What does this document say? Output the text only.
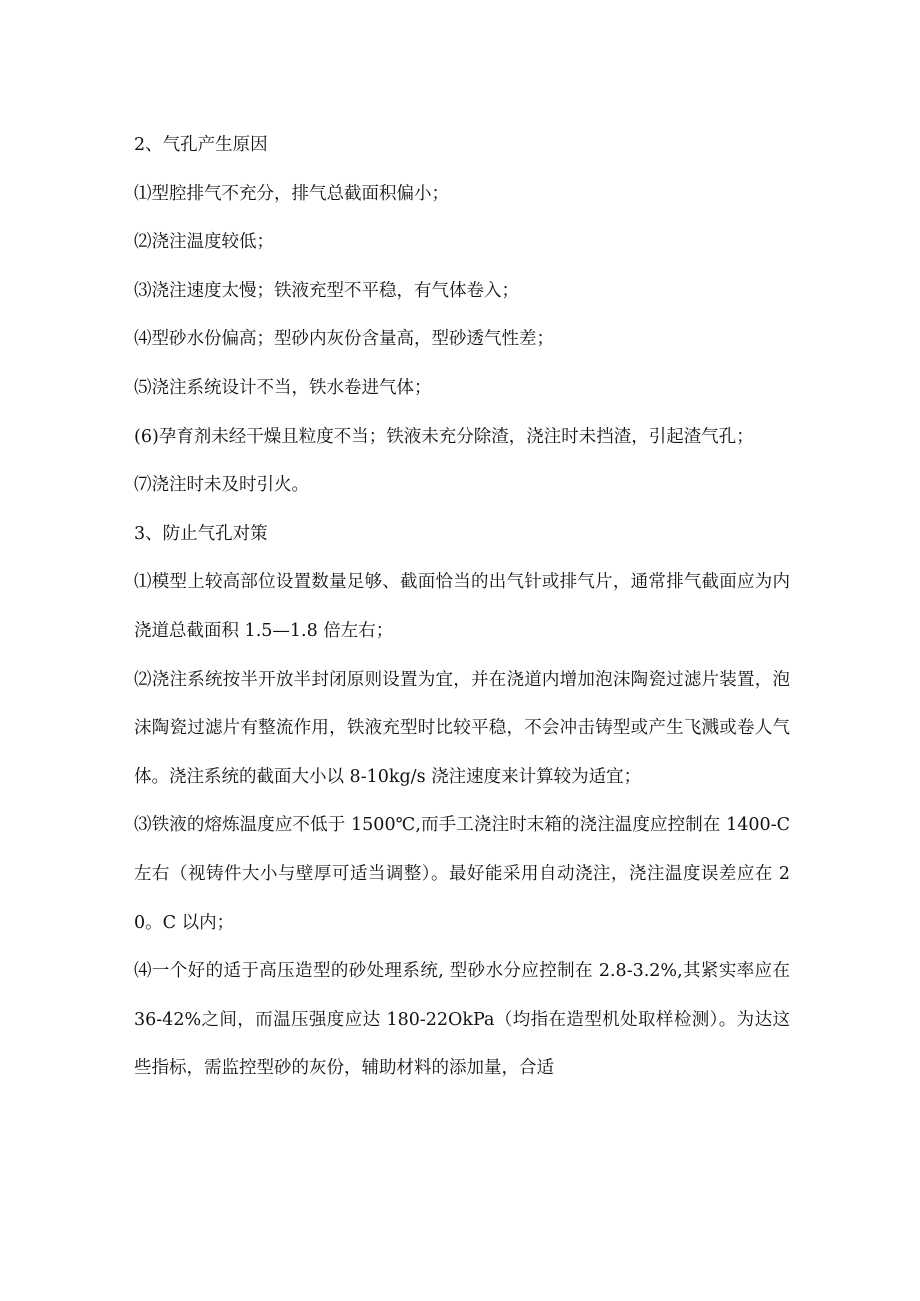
2、气孔产生原因

⑴型腔排气不充分，排气总截面积偏小；

⑵浇注温度较低；

⑶浇注速度太慢；铁液充型不平稳，有气体卷入；

⑷型砂水份偏高；型砂内灰份含量高，型砂透气性差；

⑸浇注系统设计不当，铁水卷进气体；

(6)孕育剂未经干燥且粒度不当；铁液未充分除渣，浇注时未挡渣，引起渣气孔；

⑺浇注时未及时引火。

3、防止气孔对策

⑴模型上较高部位设置数量足够、截面恰当的出气针或排气片，通常排气截面应为内浇道总截面积 1.5—1.8 倍左右；

⑵浇注系统按半开放半封闭原则设置为宜，并在浇道内增加泡沫陶瓷过滤片装置，泡沫陶瓷过滤片有整流作用，铁液充型时比较平稳，不会冲击铸型或产生飞溅或卷人气体。浇注系统的截面大小以 8-10kg/s 浇注速度来计算较为适宜；

⑶铁液的熔炼温度应不低于 1500℃,而手工浇注时末箱的浇注温度应控制在 1400-C 左右（视铸件大小与壁厚可适当调整）。最好能采用自动浇注，浇注温度误差应在 20。C 以内；

⑷一个好的适于高压造型的砂处理系统, 型砂水分应控制在 2.8-3.2%,其紧实率应在 36-42%之间，而温压强度应达 180-22OkPa（均指在造型机处取样检测）。为达这些指标，需监控型砂的灰份，辅助材料的添加量，合适
